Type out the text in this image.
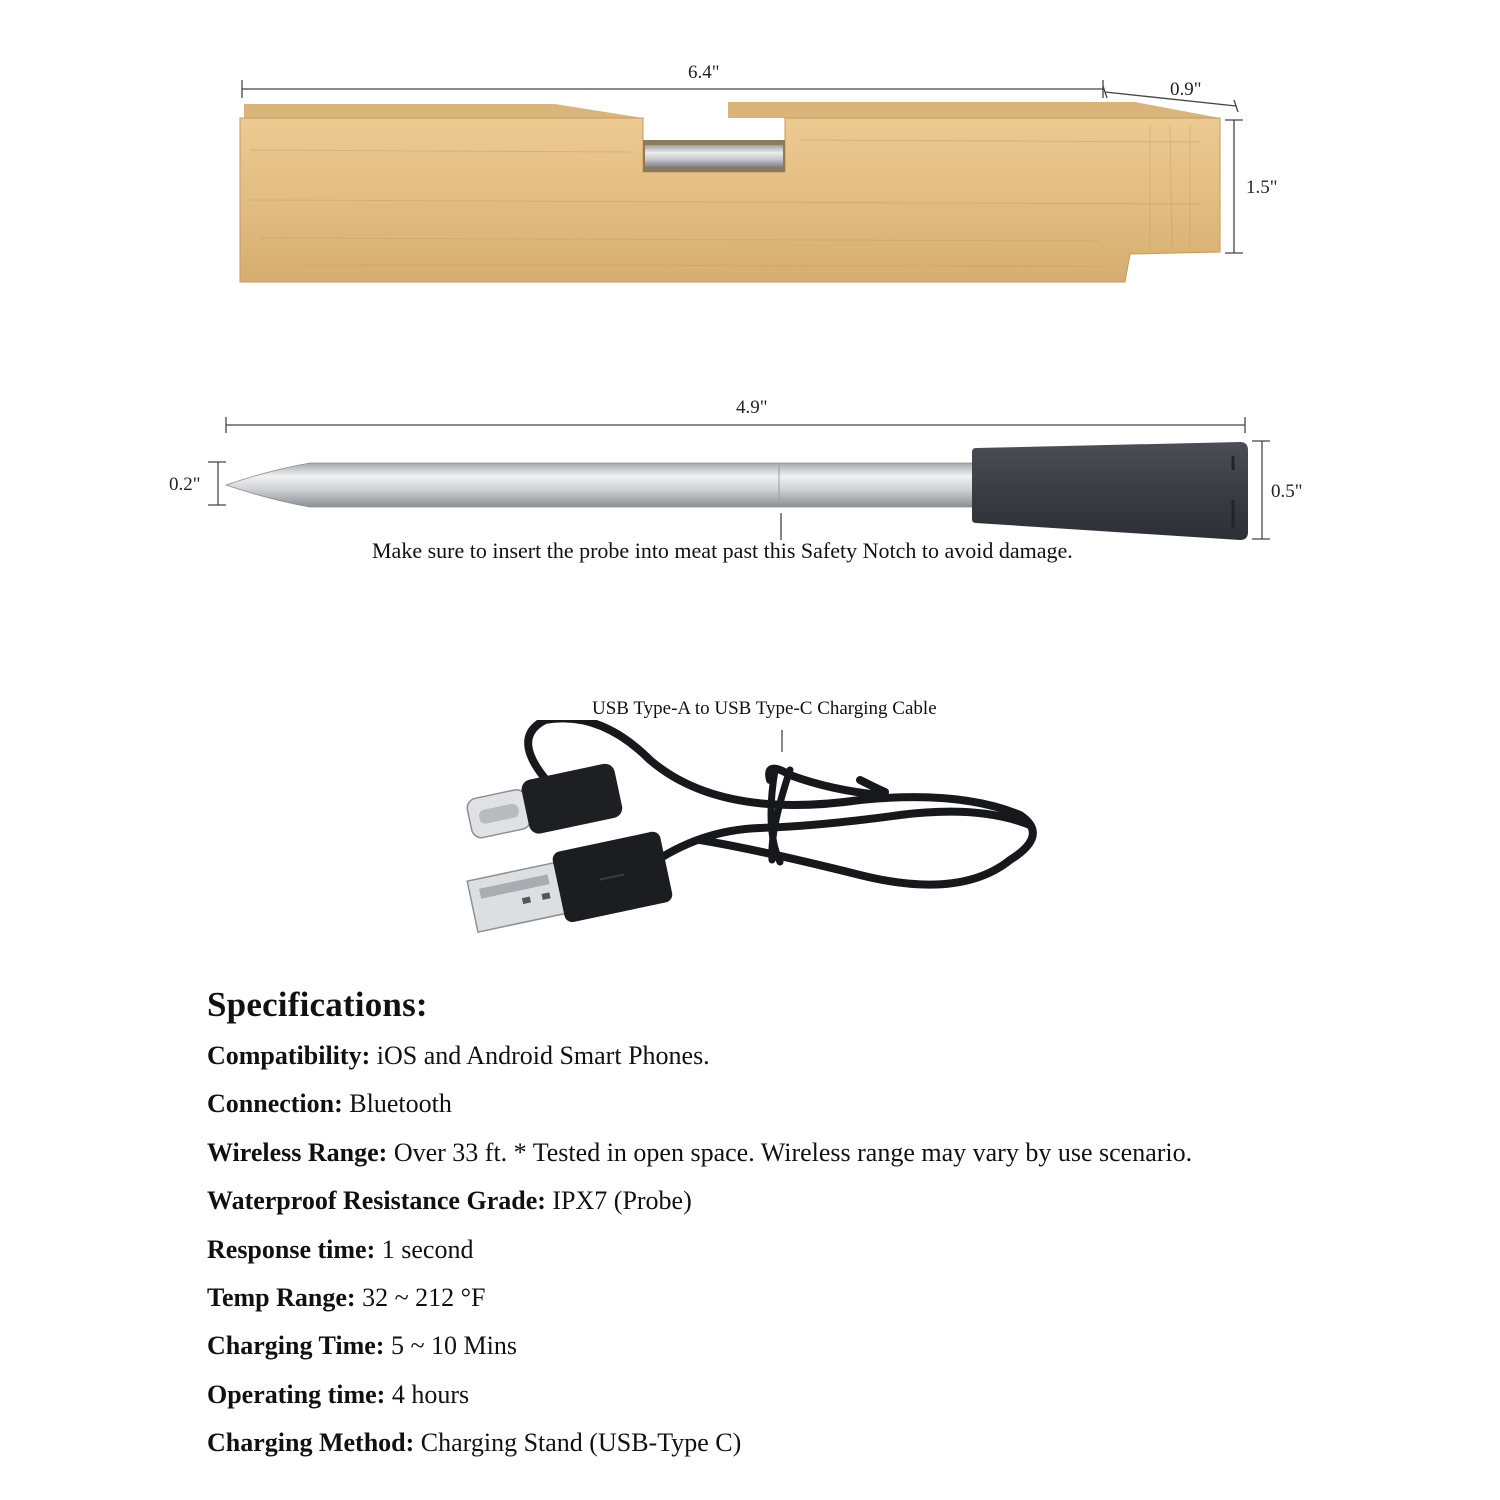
6.4"
0.9"
1.5"
4.9"
0.2"	0.5"
Make sure to insert the probe into meat past this Safety Notch to avoid damage.
USB Type-A to USB Type-C Charging Cable
Specifications:
Compatibility: iOS and Android Smart Phones.
Connection: Bluetooth
Wireless Range: Over 33 ft. * Tested in open space. Wireless range may vary by use scenario.
Waterproof Resistance Grade: IPX7 (Probe)
Response time: 1 second
Temp Range: 32 ~ 212 °F
Charging Time: 5 ~ 10 Mins
Operating time: 4 hours
Charging Method: Charging Stand (USB-Type C)
